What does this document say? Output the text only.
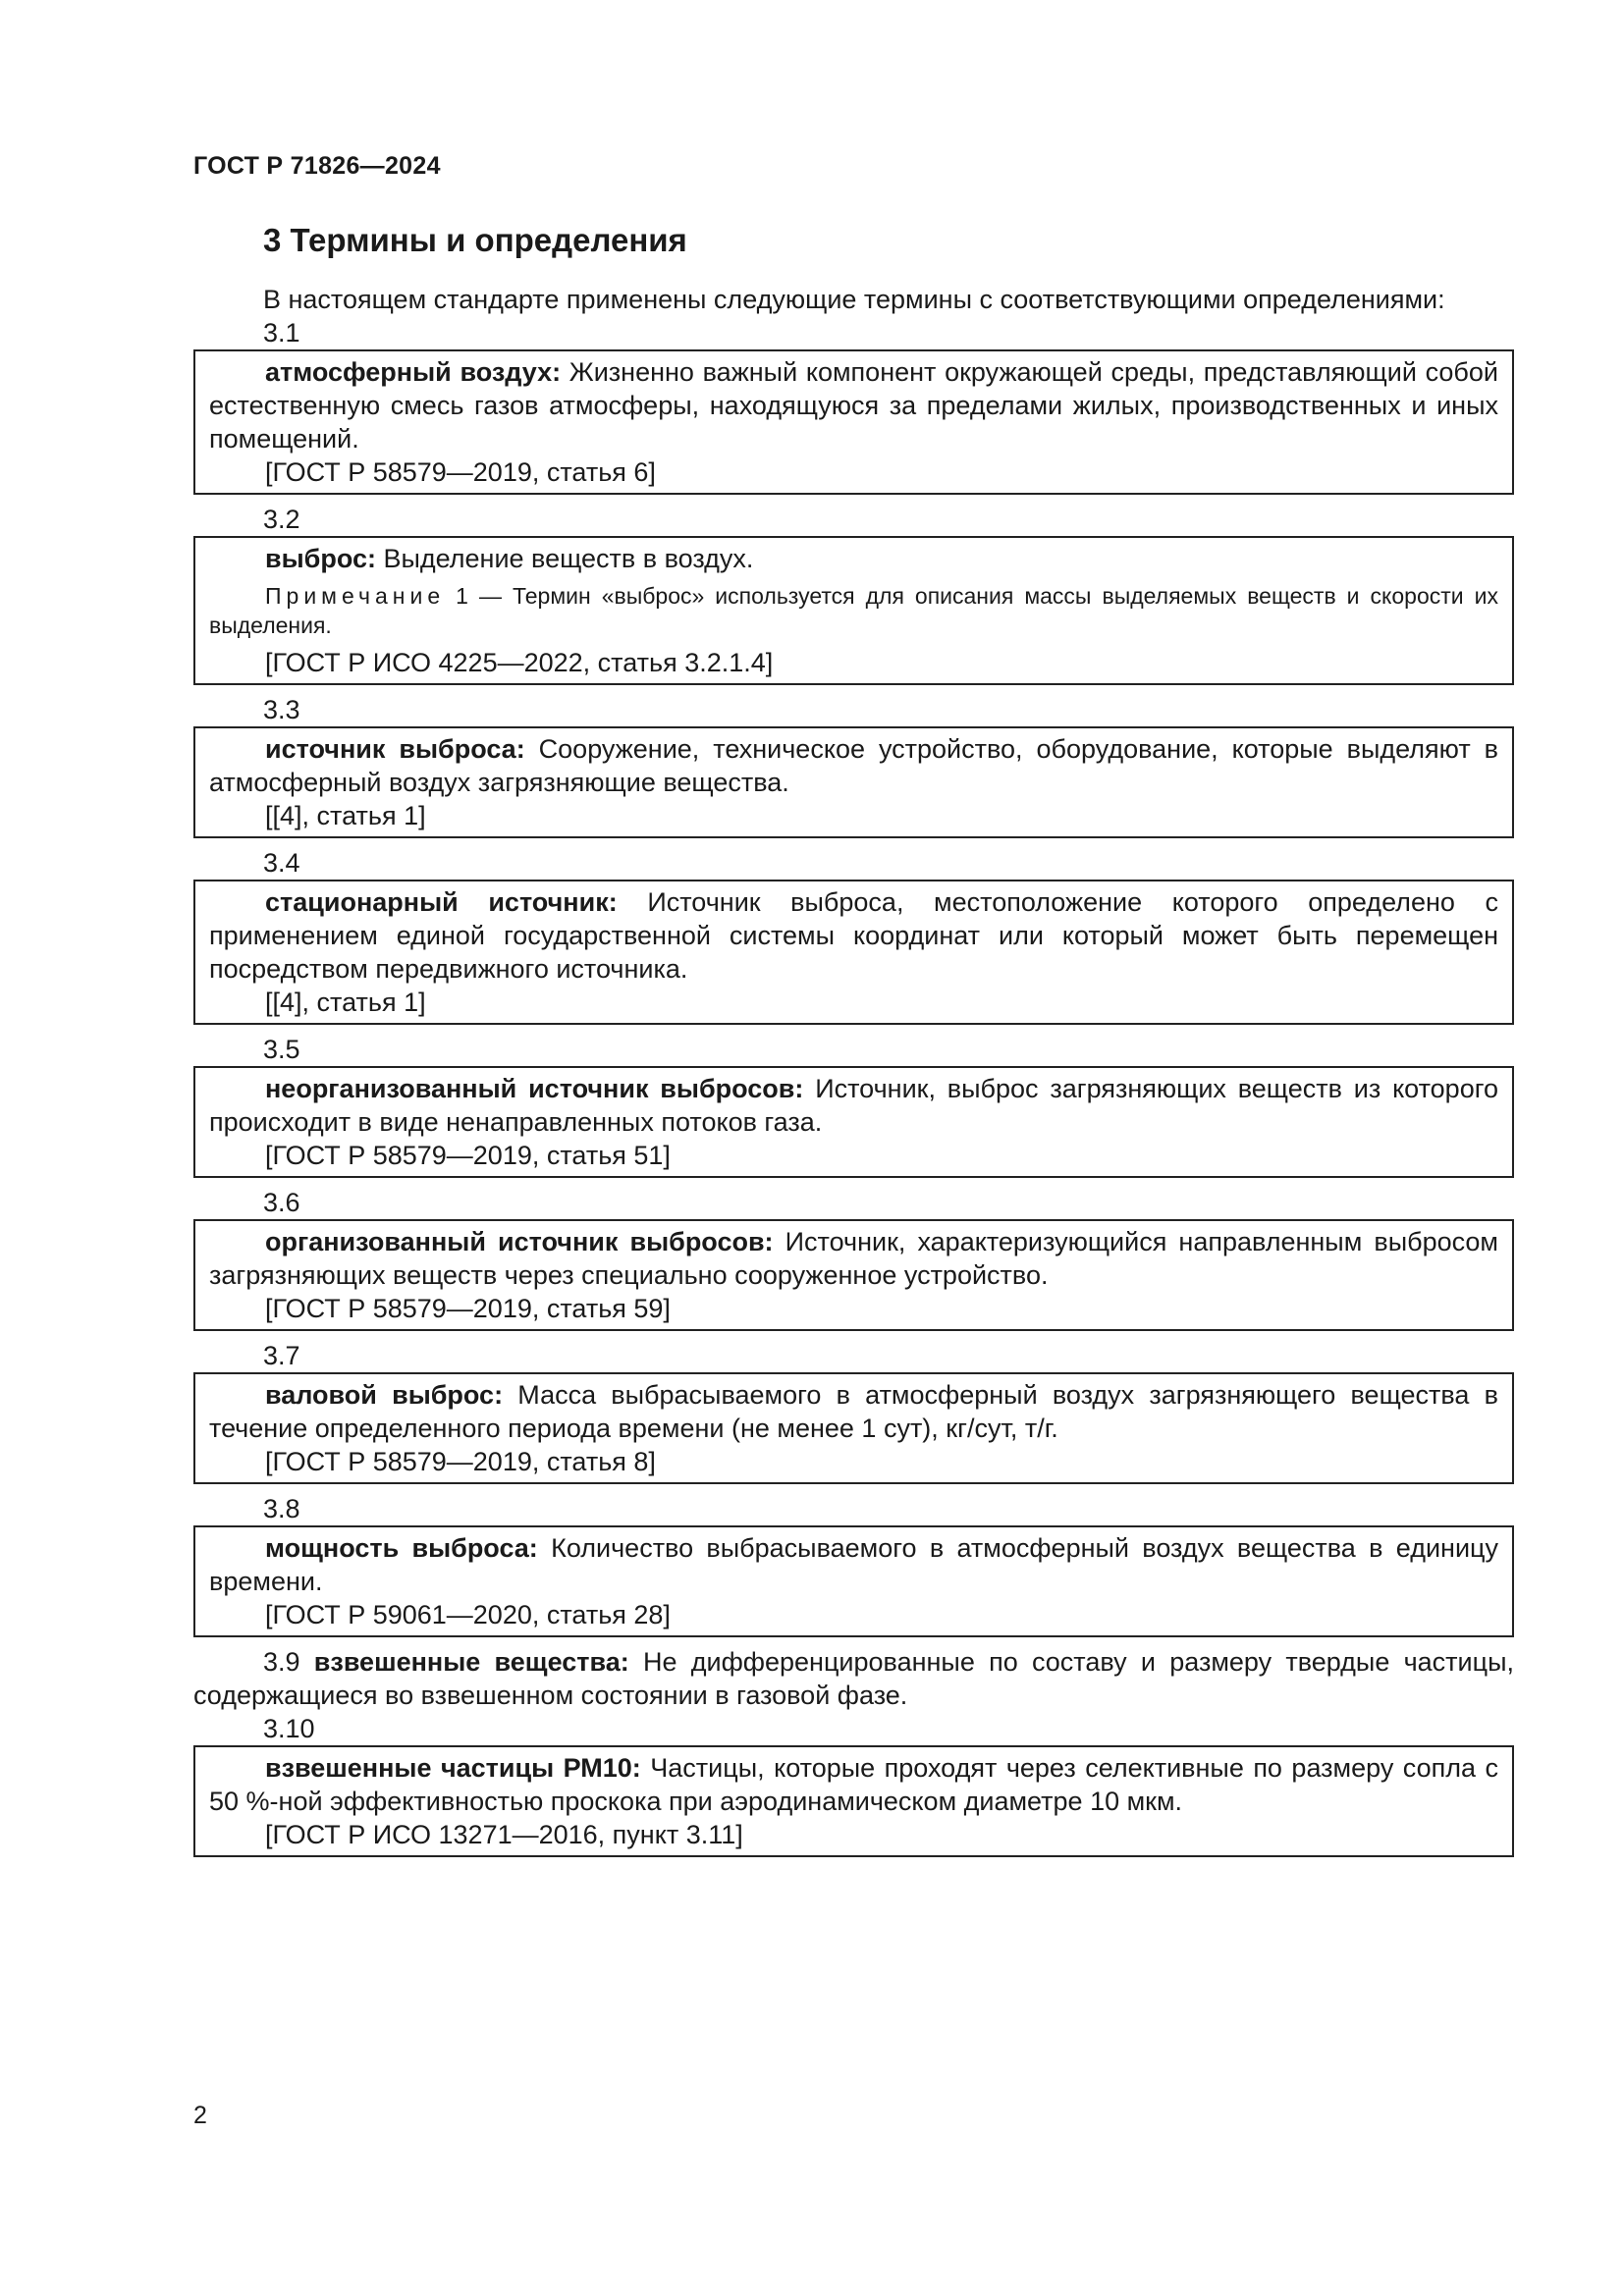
ГОСТ Р 71826—2024
3 Термины и определения

В настоящем стандарте применены следующие термины с соответствующими определениями:

3.1

атмосферный воздух: Жизненно важный компонент окружающей среды, представляющий собой естественную смесь газов атмосферы, находящуюся за пределами жилых, производственных и иных помещений.

[ГОСТ Р 58579—2019, статья 6]

3.2

выброс: Выделение веществ в воздух.

Примечание 1 — Термин «выброс» используется для описания массы выделяемых веществ и скорости их выделения.

[ГОСТ Р ИСО 4225—2022, статья 3.2.1.4]

3.3

источник выброса: Сооружение, техническое устройство, оборудование, которые выделяют в атмосферный воздух загрязняющие вещества.

[[4], статья 1]

3.4

стационарный источник: Источник выброса, местоположение которого определено с применением единой государственной системы координат или который может быть перемещен посредством передвижного источника.

[[4], статья 1]

3.5

неорганизованный источник выбросов: Источник, выброс загрязняющих веществ из которого происходит в виде ненаправленных потоков газа.

[ГОСТ Р 58579—2019, статья 51]

3.6

организованный источник выбросов: Источник, характеризующийся направленным выбросом загрязняющих веществ через специально сооруженное устройство.

[ГОСТ Р 58579—2019, статья 59]

3.7

валовой выброс: Масса выбрасываемого в атмосферный воздух загрязняющего вещества в течение определенного периода времени (не менее 1 сут), кг/сут, т/г.

[ГОСТ Р 58579—2019, статья 8]

3.8

мощность выброса: Количество выбрасываемого в атмосферный воздух вещества в единицу времени.

[ГОСТ Р 59061—2020, статья 28]

3.9 взвешенные вещества: Не дифференцированные по составу и размеру твердые частицы, содержащиеся во взвешенном состоянии в газовой фазе.

3.10

взвешенные частицы РМ10: Частицы, которые проходят через селективные по размеру сопла с 50 %-ной эффективностью проскока при аэродинамическом диаметре 10 мкм.

[ГОСТ Р ИСО 13271—2016, пункт 3.11]

2
